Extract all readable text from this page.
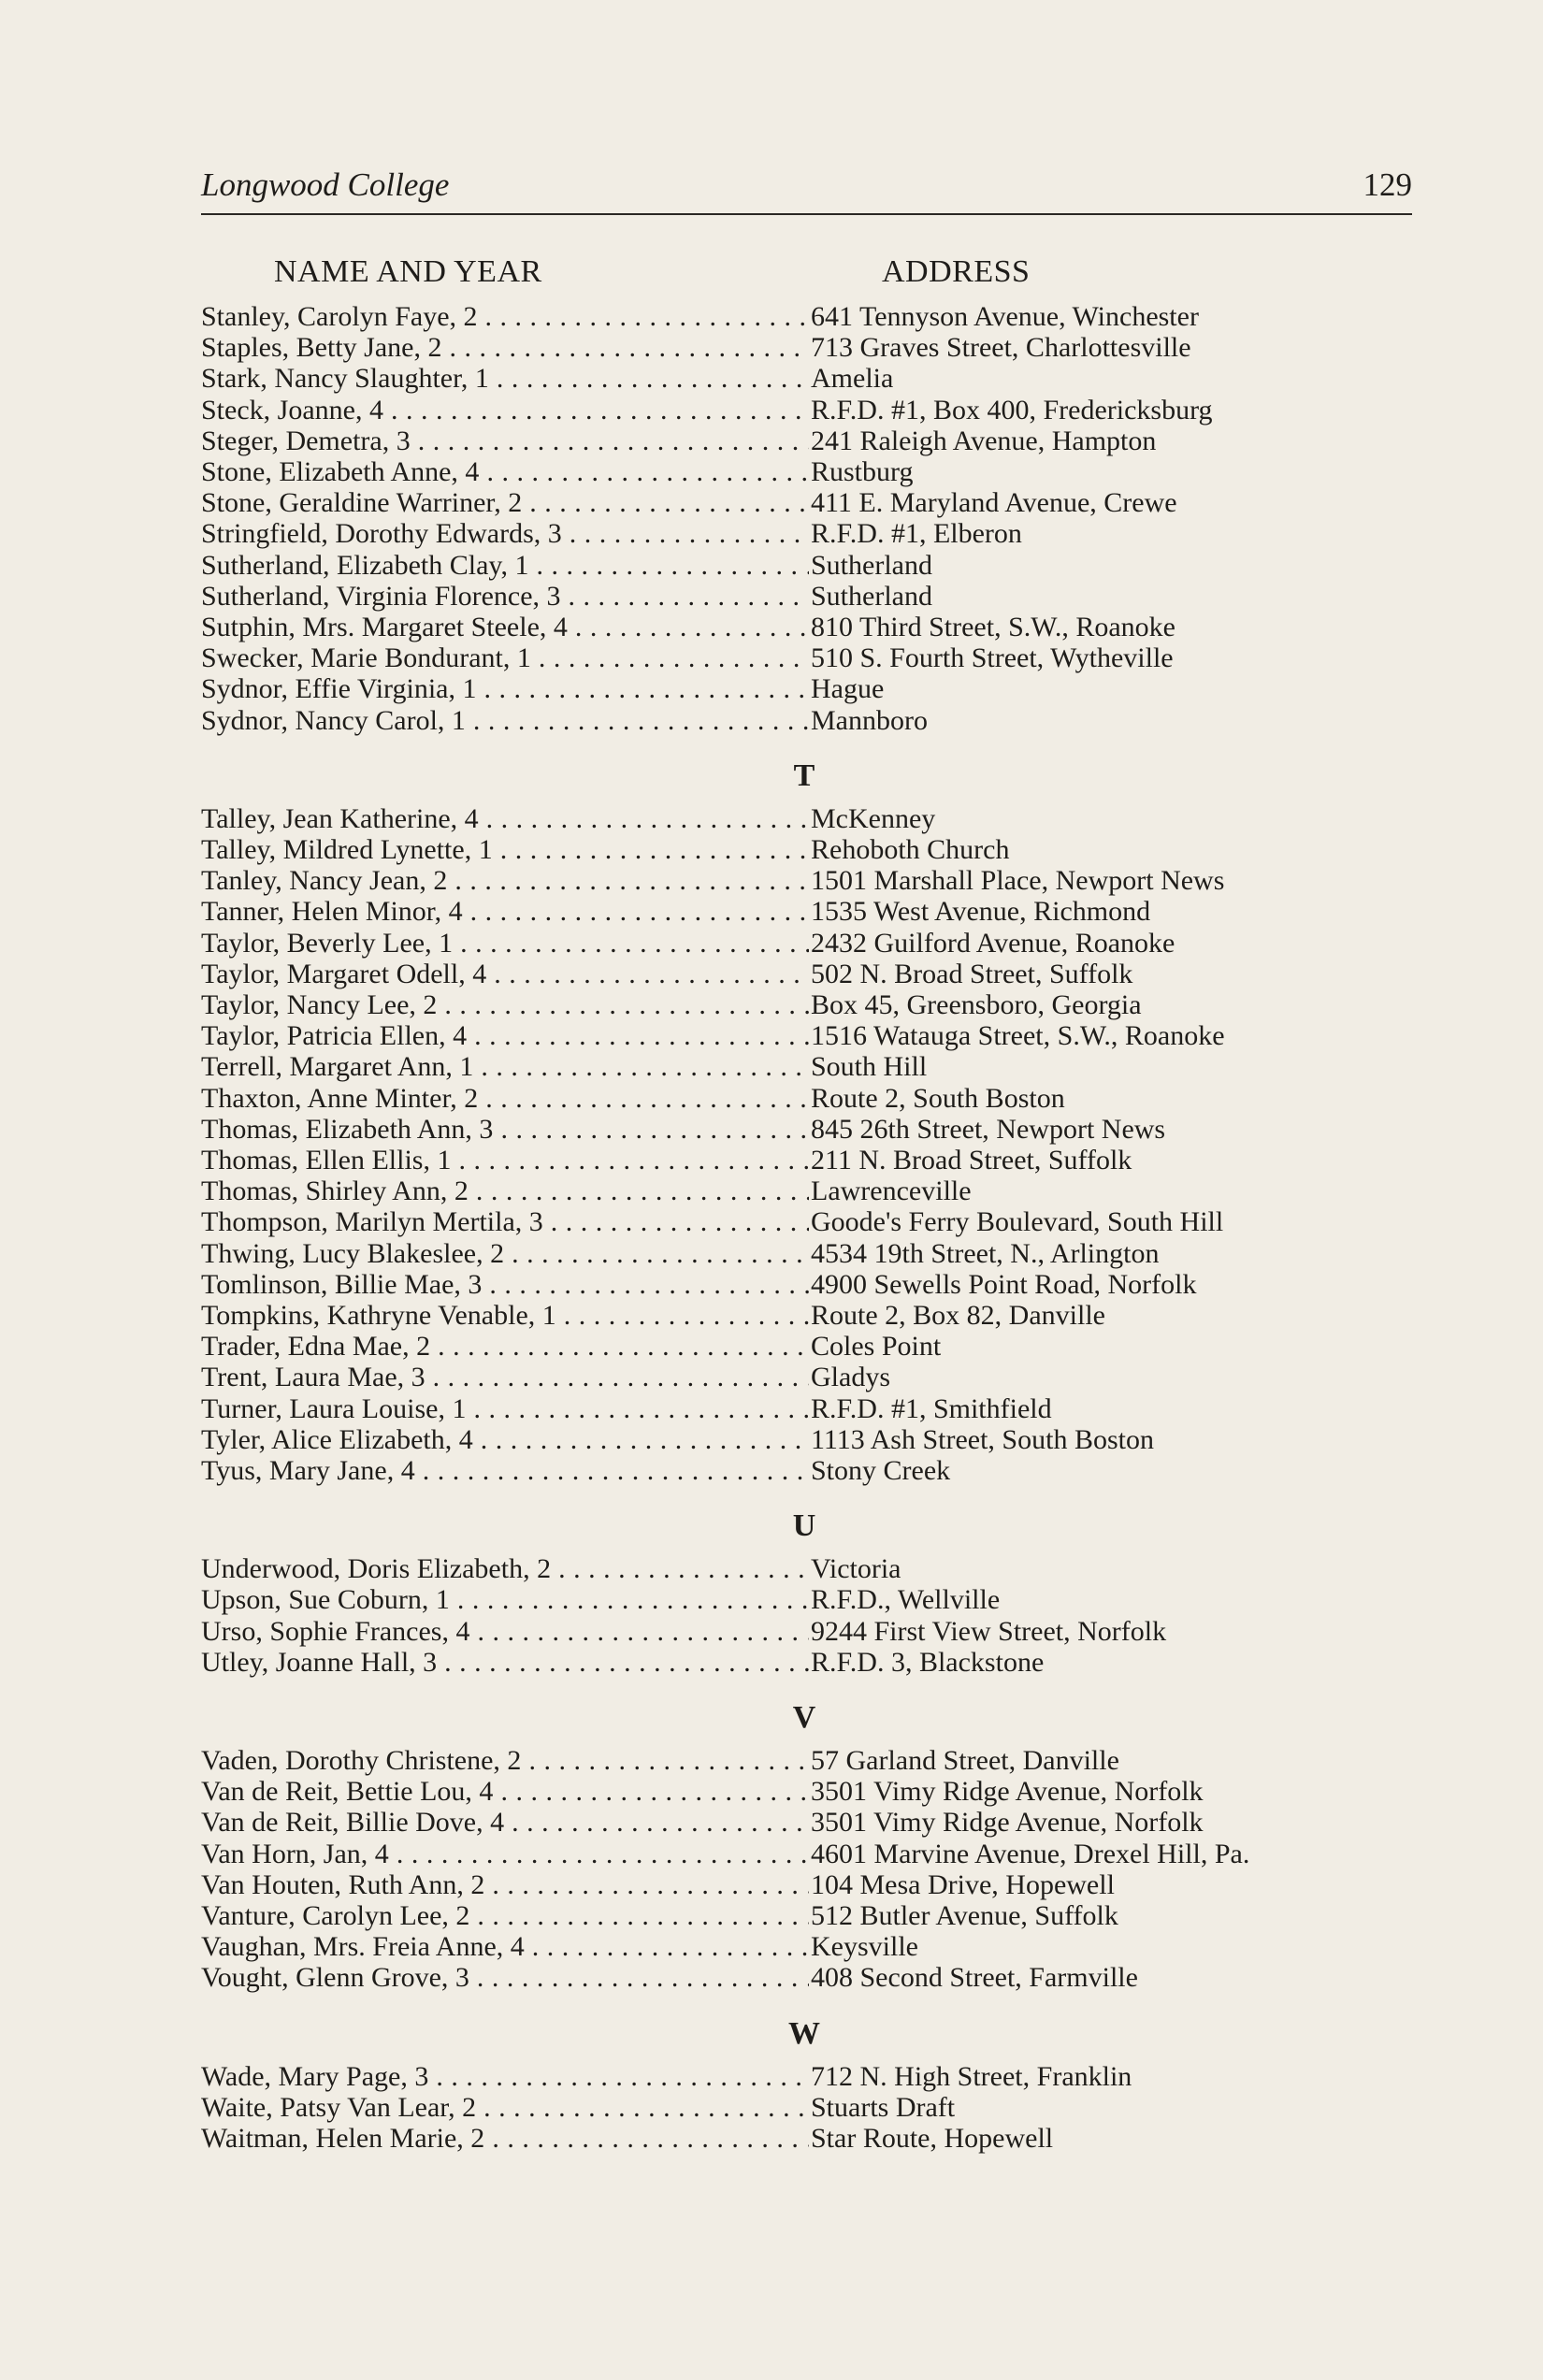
Longwood College	129
NAME AND YEAR	ADDRESS
Stanley, Carolyn Faye, 2 . . .	641 Tennyson Avenue, Winchester
Staples, Betty Jane, 2 . . .	713 Graves Street, Charlottesville
Stark, Nancy Slaughter, 1 . . .	Amelia
Steck, Joanne, 4 . . .	R.F.D. #1, Box 400, Fredericksburg
Steger, Demetra, 3 . . .	241 Raleigh Avenue, Hampton
Stone, Elizabeth Anne, 4 . . .	Rustburg
Stone, Geraldine Warriner, 2 . . .	411 E. Maryland Avenue, Crewe
Stringfield, Dorothy Edwards, 3 . . .	R.F.D. #1, Elberon
Sutherland, Elizabeth Clay, 1 . . .	Sutherland
Sutherland, Virginia Florence, 3 . . .	Sutherland
Sutphin, Mrs. Margaret Steele, 4 . . .	810 Third Street, S.W., Roanoke
Swecker, Marie Bondurant, 1 . . .	510 S. Fourth Street, Wytheville
Sydnor, Effie Virginia, 1 . . .	Hague
Sydnor, Nancy Carol, 1 . . .	Mannboro
T
Talley, Jean Katherine, 4 . . .	McKenney
Talley, Mildred Lynette, 1 . . .	Rehoboth Church
Tanley, Nancy Jean, 2 . . .	1501 Marshall Place, Newport News
Tanner, Helen Minor, 4 . . .	1535 West Avenue, Richmond
Taylor, Beverly Lee, 1 . . .	2432 Guilford Avenue, Roanoke
Taylor, Margaret Odell, 4 . . .	502 N. Broad Street, Suffolk
Taylor, Nancy Lee, 2 . . .	Box 45, Greensboro, Georgia
Taylor, Patricia Ellen, 4 . . .	1516 Watauga Street, S.W., Roanoke
Terrell, Margaret Ann, 1 . . .	South Hill
Thaxton, Anne Minter, 2 . . .	Route 2, South Boston
Thomas, Elizabeth Ann, 3 . . .	845 26th Street, Newport News
Thomas, Ellen Ellis, 1 . . .	211 N. Broad Street, Suffolk
Thomas, Shirley Ann, 2 . . .	Lawrenceville
Thompson, Marilyn Mertila, 3 . . .	Goode's Ferry Boulevard, South Hill
Thwing, Lucy Blakeslee, 2 . . .	4534 19th Street, N., Arlington
Tomlinson, Billie Mae, 3 . . .	4900 Sewells Point Road, Norfolk
Tompkins, Kathryne Venable, 1 . . .	Route 2, Box 82, Danville
Trader, Edna Mae, 2 . . .	Coles Point
Trent, Laura Mae, 3 . . .	Gladys
Turner, Laura Louise, 1 . . .	R.F.D. #1, Smithfield
Tyler, Alice Elizabeth, 4 . . .	1113 Ash Street, South Boston
Tyus, Mary Jane, 4 . . .	Stony Creek
U
Underwood, Doris Elizabeth, 2 . . .	Victoria
Upson, Sue Coburn, 1 . . .	R.F.D., Wellville
Urso, Sophie Frances, 4 . . .	9244 First View Street, Norfolk
Utley, Joanne Hall, 3 . . .	R.F.D. 3, Blackstone
V
Vaden, Dorothy Christene, 2 . . .	57 Garland Street, Danville
Van de Reit, Bettie Lou, 4 . . .	3501 Vimy Ridge Avenue, Norfolk
Van de Reit, Billie Dove, 4 . . .	3501 Vimy Ridge Avenue, Norfolk
Van Horn, Jan, 4 . . .	4601 Marvine Avenue, Drexel Hill, Pa.
Van Houten, Ruth Ann, 2 . . .	104 Mesa Drive, Hopewell
Vanture, Carolyn Lee, 2 . . .	512 Butler Avenue, Suffolk
Vaughan, Mrs. Freia Anne, 4 . . .	Keysville
Vought, Glenn Grove, 3 . . .	408 Second Street, Farmville
W
Wade, Mary Page, 3 . . .	712 N. High Street, Franklin
Waite, Patsy Van Lear, 2 . . .	Stuarts Draft
Waitman, Helen Marie, 2 . . .	Star Route, Hopewell
